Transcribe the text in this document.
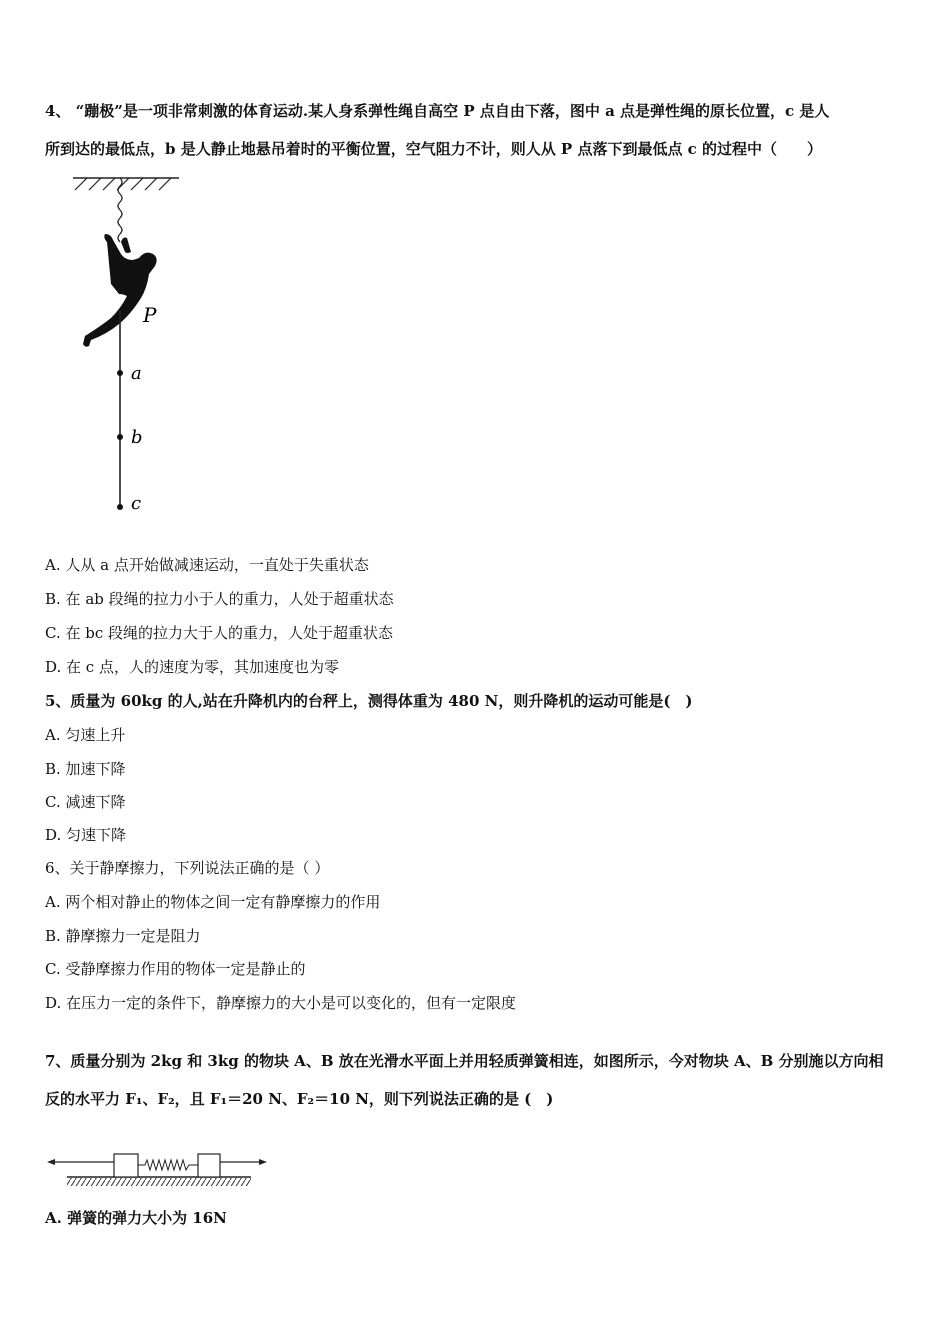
4、 “蹦极”是一项非常刺激的体育运动.某人身系弹性绳自高空 P 点自由下落，图中 a 点是弹性绳的原长位置，c 是人
所到达的最低点，b 是人静止地悬吊着时的平衡位置，空气阻力不计，则人从 P 点落下到最低点 c 的过程中（　　）
P
a
b
c
A. 人从 a 点开始做减速运动，一直处于失重状态
B. 在 ab 段绳的拉力小于人的重力，人处于超重状态
C. 在 bc 段绳的拉力大于人的重力，人处于超重状态
D. 在 c 点，人的速度为零，其加速度也为零
5、质量为 60kg 的人,站在升降机内的台秤上，测得体重为 480 N，则升降机的运动可能是(　)
A. 匀速上升
B. 加速下降
C. 减速下降
D. 匀速下降
6、关于静摩擦力，下列说法正确的是（ ）
A. 两个相对静止的物体之间一定有静摩擦力的作用
B. 静摩擦力一定是阻力
C. 受静摩擦力作用的物体一定是静止的
D. 在压力一定的条件下，静摩擦力的大小是可以变化的，但有一定限度
7、质量分别为 2kg 和 3kg 的物块 A、B 放在光滑水平面上并用轻质弹簧相连，如图所示，今对物块 A、B 分别施以方向相
反的水平力 F₁、F₂，且 F₁＝20 N、F₂＝10 N，则下列说法正确的是 (　)
A. 弹簧的弹力大小为 16N
